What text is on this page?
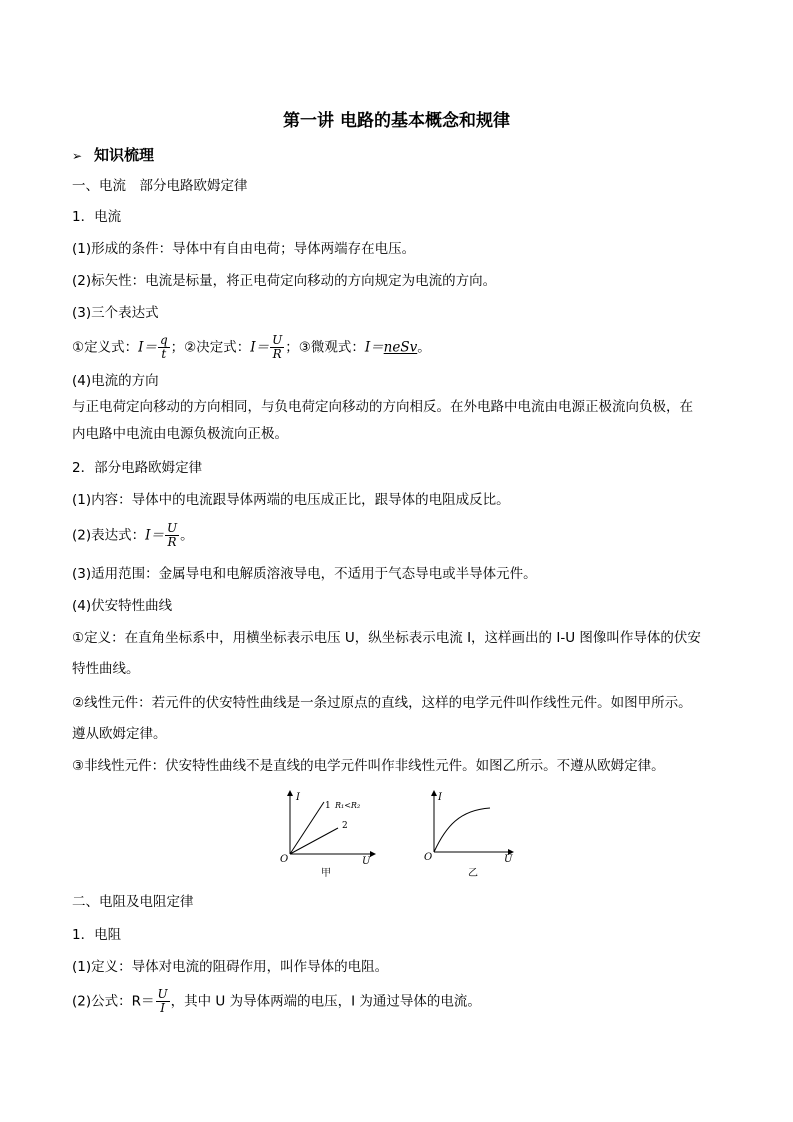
第一讲 电路的基本概念和规律
➢ 知识梳理
一、电流　部分电路欧姆定律
1．电流
(1)形成的条件：导体中有自由电荷；导体两端存在电压。
(2)标矢性：电流是标量，将正电荷定向移动的方向规定为电流的方向。
(3)三个表达式
①定义式：$I= \frac{q}{t}$ ；②决定式：$I= \frac{U}{R}$ ；③微观式：I＝neSv。
(4)电流的方向
与正电荷定向移动的方向相同，与负电荷定向移动的方向相反。在外电路中电流由电源正极流向负极，在
内电路中电流由电源负极流向正极。
2．部分电路欧姆定律
(1)内容：导体中的电流跟导体两端的电压成正比，跟导体的电阻成反比。
(2)表达式：$I= \frac{U}{R}$ 。
(3)适用范围：金属导电和电解质溶液导电，不适用于气态导电或半导体元件。
(4)伏安特性曲线
①定义：在直角坐标系中，用横坐标表示电压 U，纵坐标表示电流 I，这样画出的 I-U 图像叫作导体的伏安
特性曲线。
②线性元件：若元件的伏安特性曲线是一条过原点的直线，这样的电学元件叫作线性元件。如图甲所示。
遵从欧姆定律。
③非线性元件：伏安特性曲线不是直线的电学元件叫作非线性元件。如图乙所示。不遵从欧姆定律。
I
U
O
1
2
R₁<R₂
甲
I
U
O
乙
二、电阻及电阻定律
1．电阻
(1)定义：导体对电流的阻碍作用，叫作导体的电阻。
(2)公式：$R= \frac{U}{I}$ ，其中 U 为导体两端的电压，I 为通过导体的电流。
